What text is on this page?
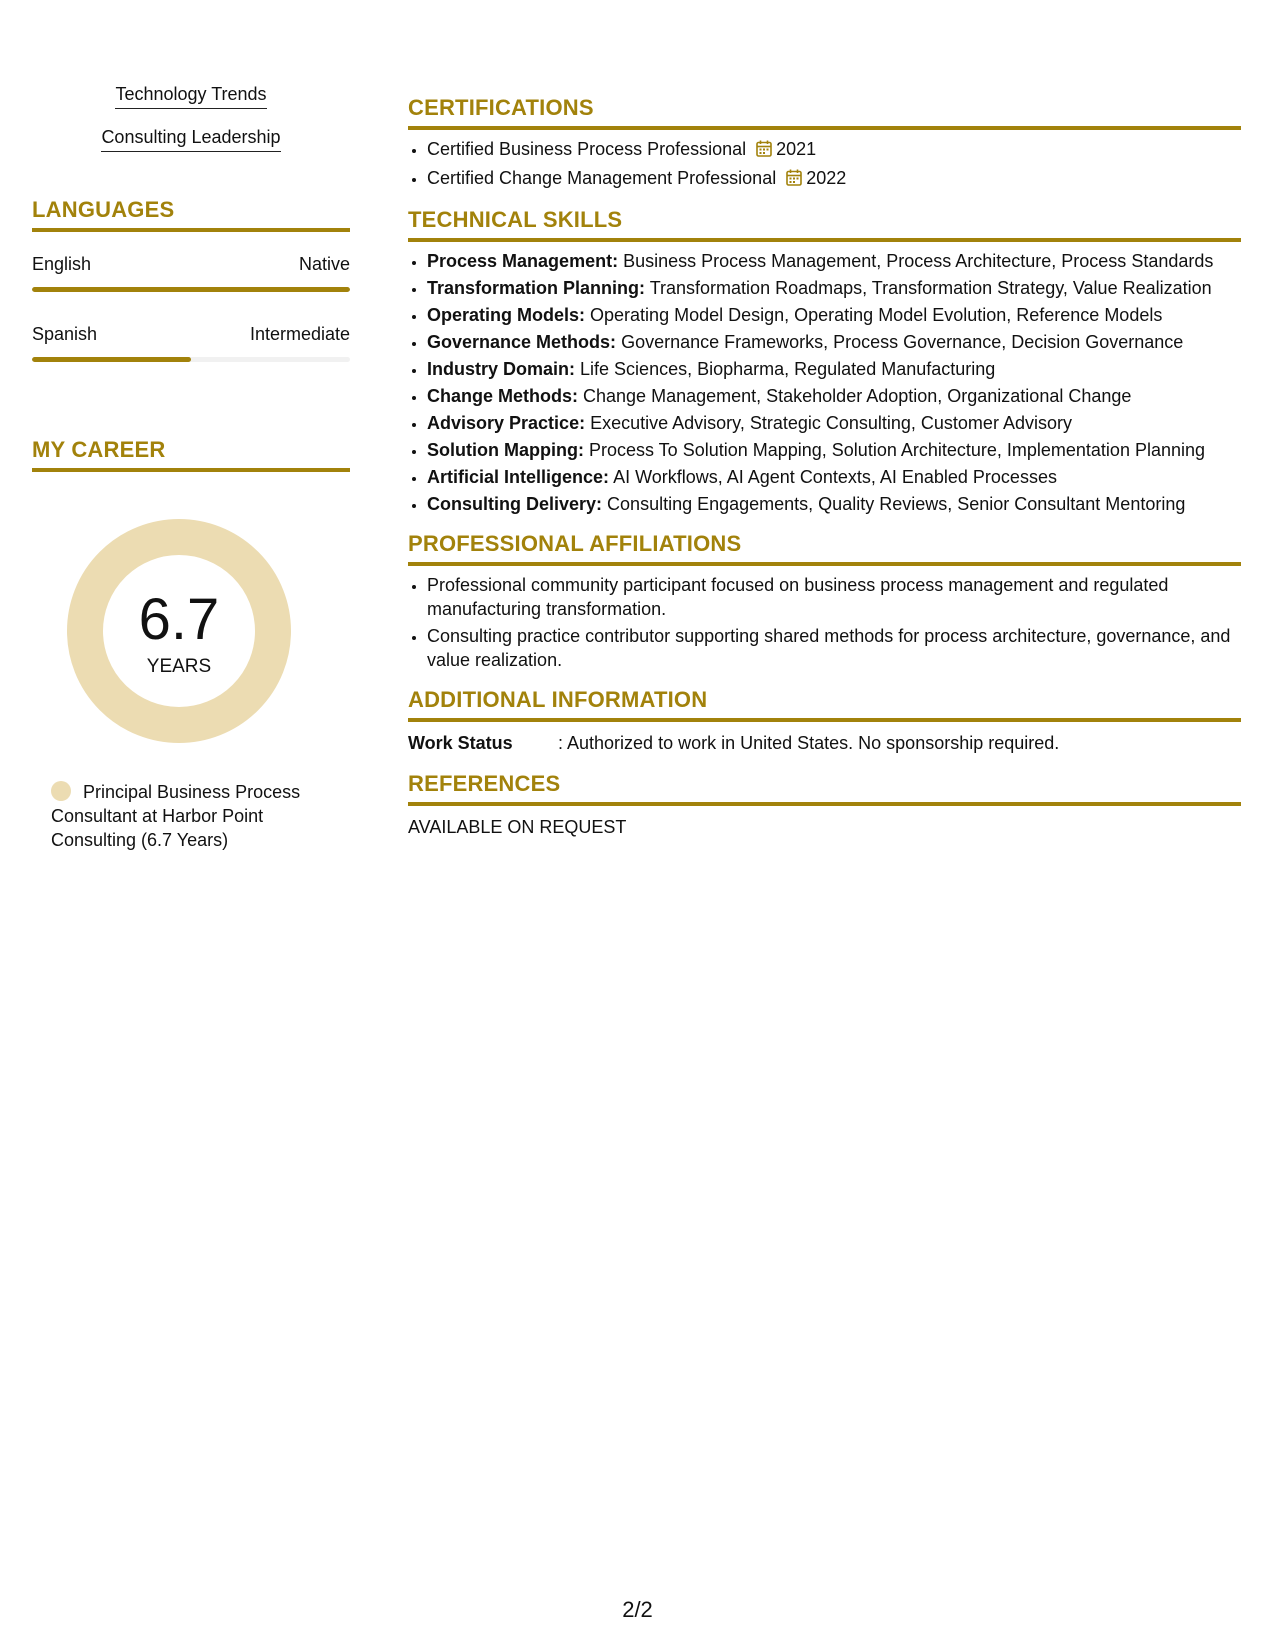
Technology Trends
Consulting Leadership
LANGUAGES
English	Native
Spanish	Intermediate
MY CAREER
6.7
YEARS
Principal Business Process Consultant at Harbor Point Consulting (6.7 Years)
CERTIFICATIONS
• Certified Business Process Professional 2021
• Certified Change Management Professional 2022
TECHNICAL SKILLS
• Process Management: Business Process Management, Process Architecture, Process Standards
• Transformation Planning: Transformation Roadmaps, Transformation Strategy, Value Realization
• Operating Models: Operating Model Design, Operating Model Evolution, Reference Models
• Governance Methods: Governance Frameworks, Process Governance, Decision Governance
• Industry Domain: Life Sciences, Biopharma, Regulated Manufacturing
• Change Methods: Change Management, Stakeholder Adoption, Organizational Change
• Advisory Practice: Executive Advisory, Strategic Consulting, Customer Advisory
• Solution Mapping: Process To Solution Mapping, Solution Architecture, Implementation Planning
• Artificial Intelligence: AI Workflows, AI Agent Contexts, AI Enabled Processes
• Consulting Delivery: Consulting Engagements, Quality Reviews, Senior Consultant Mentoring
PROFESSIONAL AFFILIATIONS
• Professional community participant focused on business process management and regulated manufacturing transformation.
• Consulting practice contributor supporting shared methods for process architecture, governance, and value realization.
ADDITIONAL INFORMATION
Work Status	: Authorized to work in United States. No sponsorship required.
REFERENCES
AVAILABLE ON REQUEST
2/2
